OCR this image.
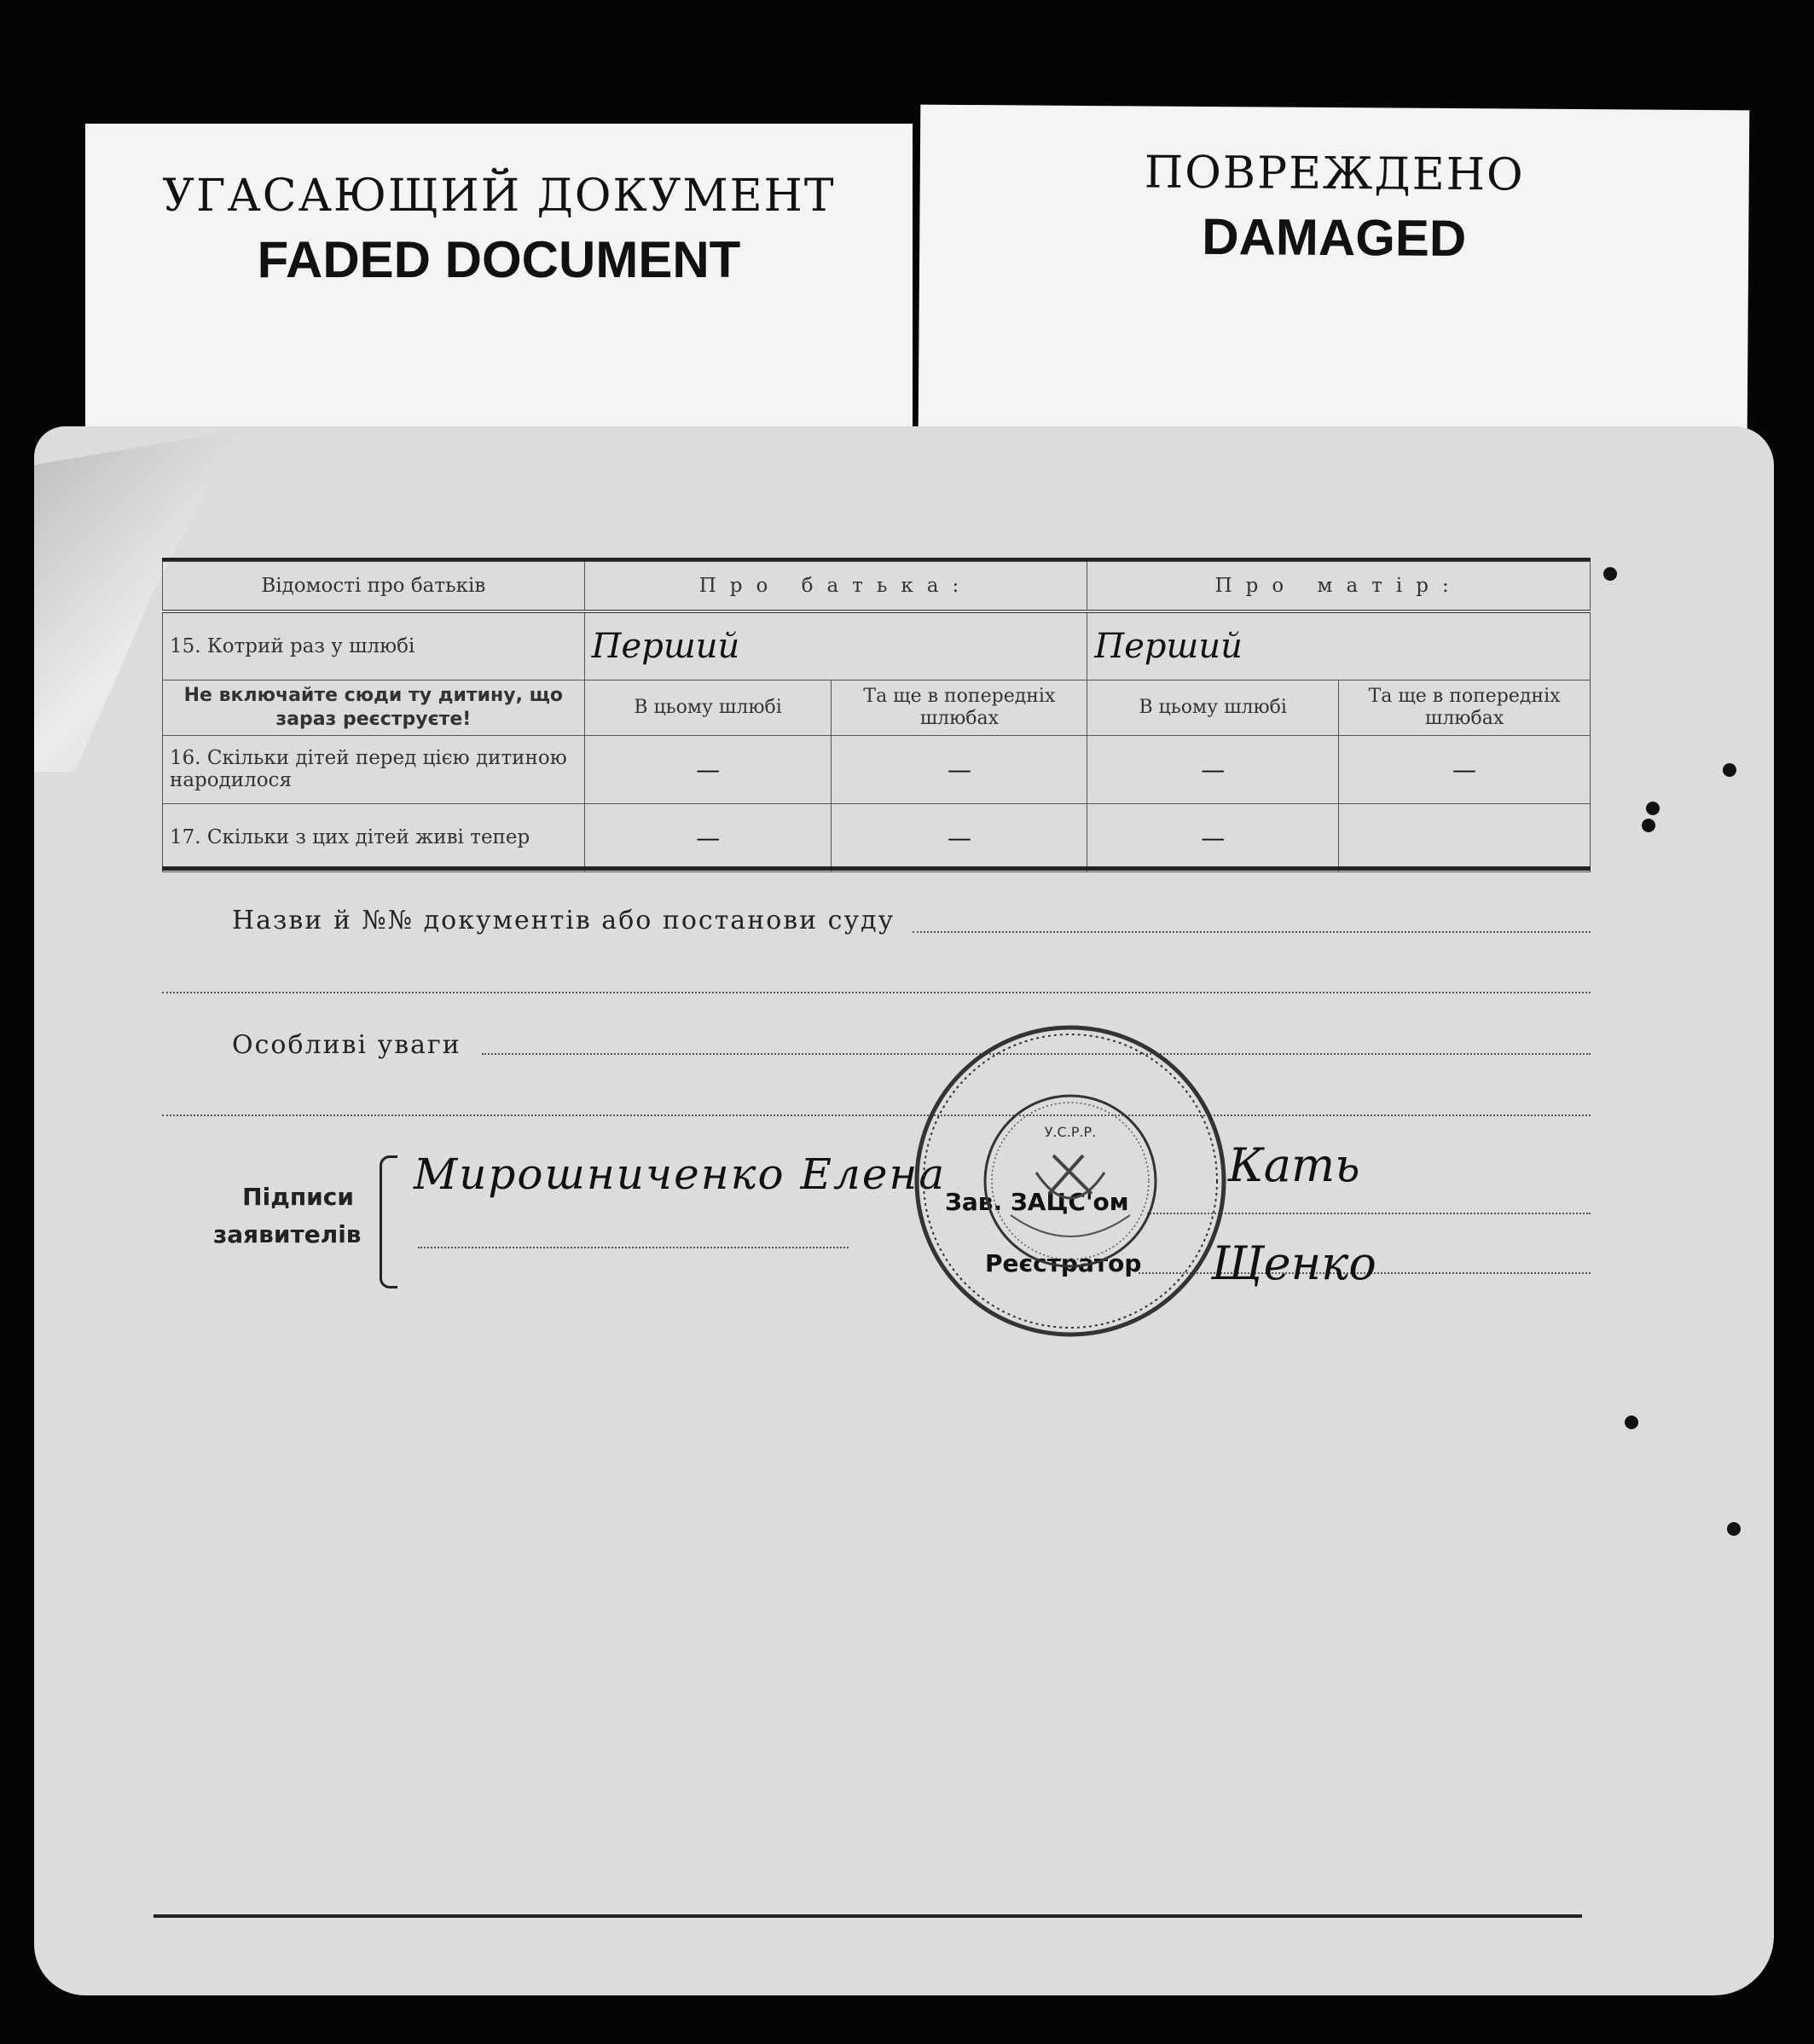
УГАСАЮЩИЙ ДОКУМЕНТ
FADED DOCUMENT
ПОВРЕЖДЕНО
DAMAGED
Відомості про батьків	Про батька:		Про матір:	
15. Котрий раз у шлюбі	Перший		Перший	
Не включайте сюди ту дитину, що зараз реєструєте!	В цьому шлюбі	Та ще в попередніх шлюбах	В цьому шлюбі	Та ще в попередніх шлюбах
16. Скільки дітей перед цією дитиною народилося	—	—	—	—
17. Скільки з цих дітей живі тепер	—	—	—	
Назви й №№ документів або постанови суду
Особливі уваги
Підписи
заявителів
Мирошниченко Елена
Зав. ЗАЦС'ом
Реєстратор
Кать
Щенко
У.С.Р.Р.
